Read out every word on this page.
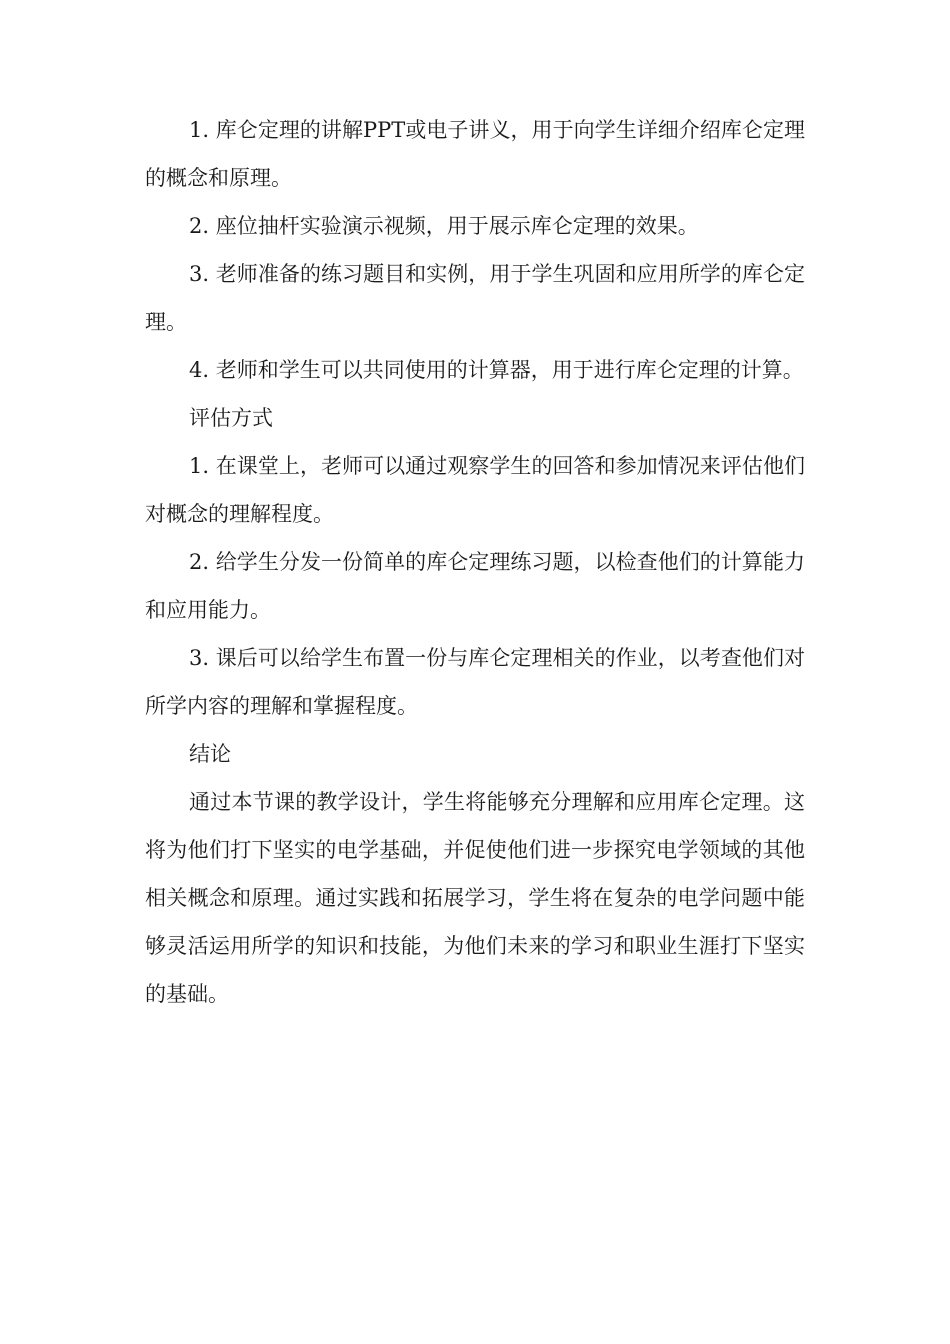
1. 库仑定理的讲解PPT或电子讲义，用于向学生详细介绍库仑定理的概念和原理。

2. 座位抽杆实验演示视频，用于展示库仑定理的效果。

3. 老师准备的练习题目和实例，用于学生巩固和应用所学的库仑定理。

4. 老师和学生可以共同使用的计算器，用于进行库仑定理的计算。

评估方式

1. 在课堂上，老师可以通过观察学生的回答和参加情况来评估他们对概念的理解程度。

2. 给学生分发一份简单的库仑定理练习题，以检查他们的计算能力和应用能力。

3. 课后可以给学生布置一份与库仑定理相关的作业，以考查他们对所学内容的理解和掌握程度。

结论

通过本节课的教学设计，学生将能够充分理解和应用库仑定理。这将为他们打下坚实的电学基础，并促使他们进一步探究电学领域的其他相关概念和原理。通过实践和拓展学习，学生将在复杂的电学问题中能够灵活运用所学的知识和技能，为他们未来的学习和职业生涯打下坚实的基础。
